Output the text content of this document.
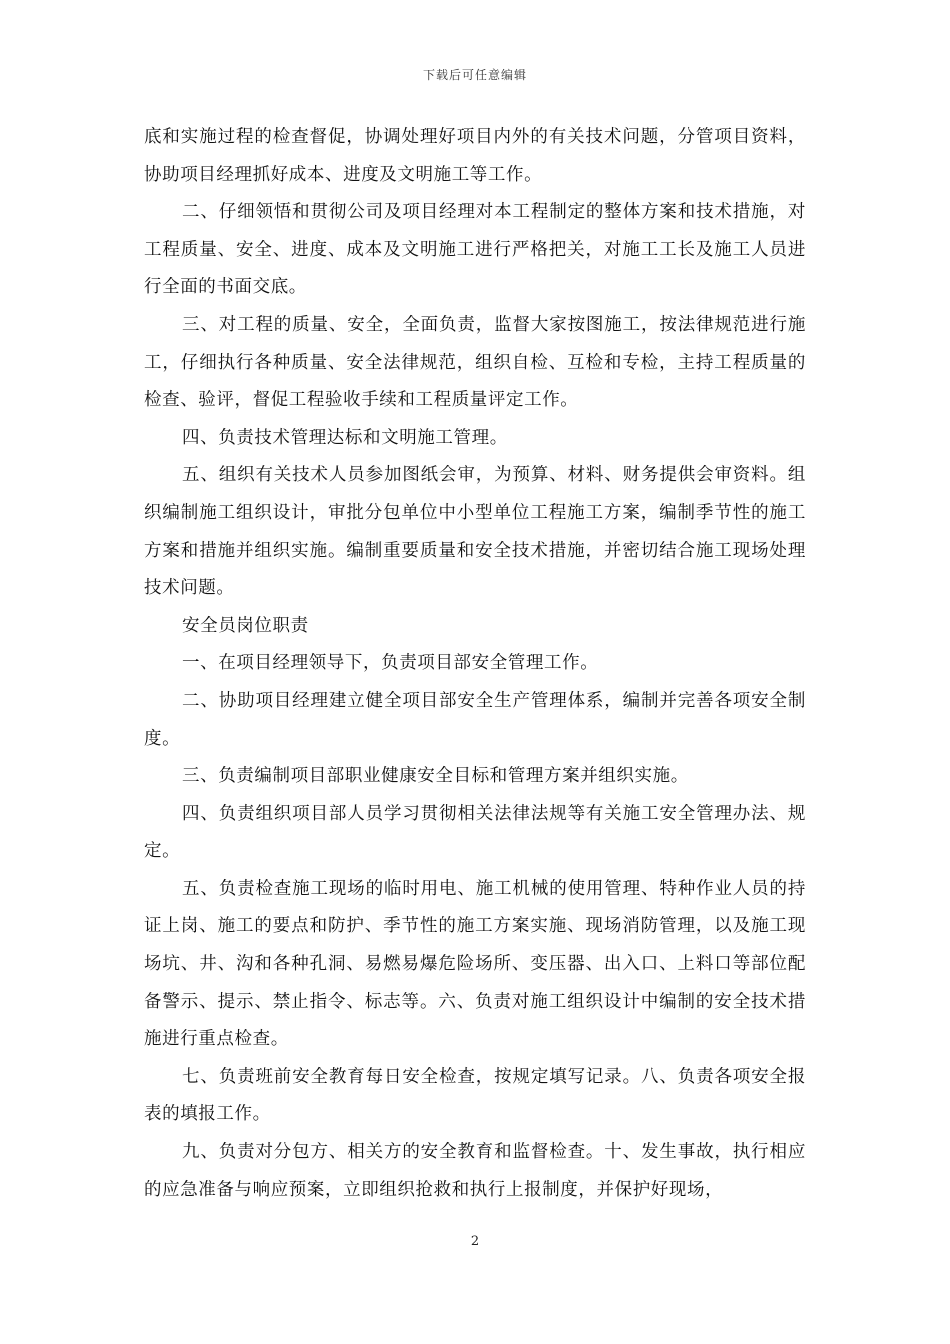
下载后可任意编辑

底和实施过程的检查督促，协调处理好项目内外的有关技术问题，分管项目资料，协助项目经理抓好成本、进度及文明施工等工作。

二、仔细领悟和贯彻公司及项目经理对本工程制定的整体方案和技术措施，对工程质量、安全、进度、成本及文明施工进行严格把关，对施工工长及施工人员进行全面的书面交底。

三、对工程的质量、安全，全面负责，监督大家按图施工，按法律规范进行施工，仔细执行各种质量、安全法律规范，组织自检、互检和专检，主持工程质量的检查、验评，督促工程验收手续和工程质量评定工作。

四、负责技术管理达标和文明施工管理。

五、组织有关技术人员参加图纸会审，为预算、材料、财务提供会审资料。组织编制施工组织设计，审批分包单位中小型单位工程施工方案，编制季节性的施工方案和措施并组织实施。编制重要质量和安全技术措施，并密切结合施工现场处理技术问题。

安全员岗位职责

一、在项目经理领导下，负责项目部安全管理工作。

二、协助项目经理建立健全项目部安全生产管理体系，编制并完善各项安全制度。

三、负责编制项目部职业健康安全目标和管理方案并组织实施。

四、负责组织项目部人员学习贯彻相关法律法规等有关施工安全管理办法、规定。

五、负责检查施工现场的临时用电、施工机械的使用管理、特种作业人员的持证上岗、施工的要点和防护、季节性的施工方案实施、现场消防管理，以及施工现场坑、井、沟和各种孔洞、易燃易爆危险场所、变压器、出入口、上料口等部位配备警示、提示、禁止指令、标志等。六、负责对施工组织设计中编制的安全技术措施进行重点检查。

七、负责班前安全教育每日安全检查，按规定填写记录。八、负责各项安全报表的填报工作。

九、负责对分包方、相关方的安全教育和监督检查。十、发生事故，执行相应的应急准备与响应预案，立即组织抢救和执行上报制度，并保护好现场，

2
